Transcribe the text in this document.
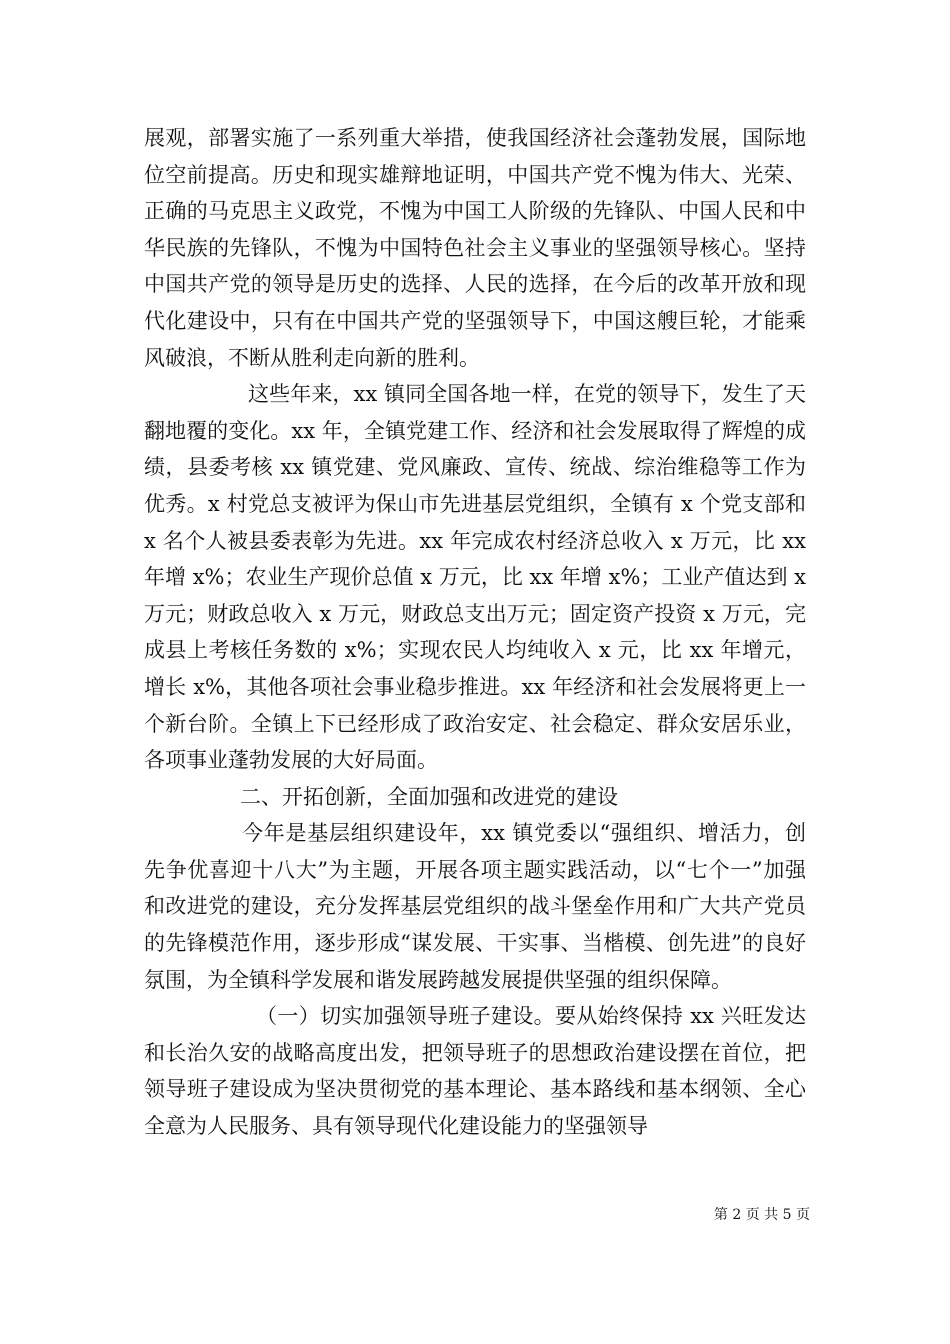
展观，部署实施了一系列重大举措，使我国经济社会蓬勃发展，国际地位空前提高。历史和现实雄辩地证明，中国共产党不愧为伟大、光荣、正确的马克思主义政党，不愧为中国工人阶级的先锋队、中国人民和中华民族的先锋队，不愧为中国特色社会主义事业的坚强领导核心。坚持中国共产党的领导是历史的选择、人民的选择，在今后的改革开放和现代化建设中，只有在中国共产党的坚强领导下，中国这艘巨轮，才能乘风破浪，不断从胜利走向新的胜利。

这些年来，xx 镇同全国各地一样，在党的领导下，发生了天翻地覆的变化。xx 年，全镇党建工作、经济和社会发展取得了辉煌的成绩，县委考核 xx 镇党建、党风廉政、宣传、统战、综治维稳等工作为优秀。x 村党总支被评为保山市先进基层党组织，全镇有 x 个党支部和 x 名个人被县委表彰为先进。xx 年完成农村经济总收入 x 万元，比 xx 年增 x%；农业生产现价总值 x 万元，比 xx 年增 x%；工业产值达到 x 万元；财政总收入 x 万元，财政总支出万元；固定资产投资 x 万元，完成县上考核任务数的 x%；实现农民人均纯收入 x 元，比 xx 年增元，增长 x%，其他各项社会事业稳步推进。xx 年经济和社会发展将更上一个新台阶。全镇上下已经形成了政治安定、社会稳定、群众安居乐业，各项事业蓬勃发展的大好局面。

二、开拓创新，全面加强和改进党的建设

今年是基层组织建设年，xx 镇党委以“强组织、增活力，创先争优喜迎十八大”为主题，开展各项主题实践活动，以“七个一”加强和改进党的建设，充分发挥基层党组织的战斗堡垒作用和广大共产党员的先锋模范作用，逐步形成“谋发展、干实事、当楷模、创先进”的良好氛围，为全镇科学发展和谐发展跨越发展提供坚强的组织保障。

（一）切实加强领导班子建设。要从始终保持 xx 兴旺发达和长治久安的战略高度出发，把领导班子的思想政治建设摆在首位，把领导班子建设成为坚决贯彻党的基本理论、基本路线和基本纲领、全心全意为人民服务、具有领导现代化建设能力的坚强领导

第 2 页 共 5 页
